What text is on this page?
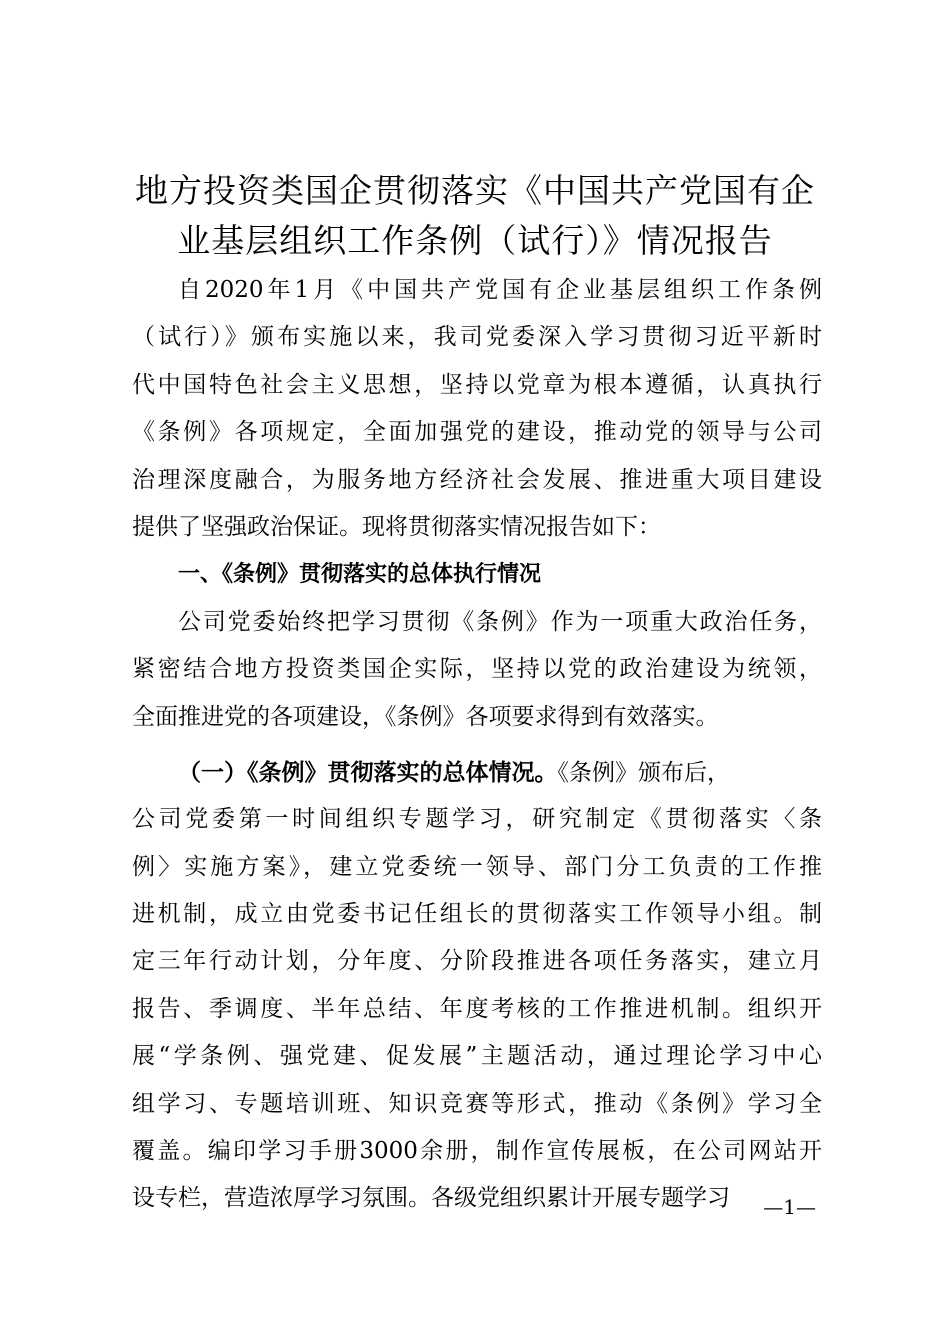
地方投资类国企贯彻落实《中国共产党国有企
业基层组织工作条例（试行）》情况报告
自2020年1月《中国共产党国有企业基层组织工作条例
（试行）》颁布实施以来，我司党委深入学习贯彻习近平新时
代中国特色社会主义思想，坚持以党章为根本遵循，认真执行
《条例》各项规定，全面加强党的建设，推动党的领导与公司
治理深度融合，为服务地方经济社会发展、推进重大项目建设
提供了坚强政治保证。现将贯彻落实情况报告如下：
一、《条例》贯彻落实的总体执行情况
公司党委始终把学习贯彻《条例》作为一项重大政治任务，
紧密结合地方投资类国企实际，坚持以党的政治建设为统领，
全面推进党的各项建设，《条例》各项要求得到有效落实。
（一）《条例》贯彻落实的总体情况。《条例》颁布后，
公司党委第一时间组织专题学习，研究制定《贯彻落实〈条
例〉实施方案》，建立党委统一领导、部门分工负责的工作推
进机制，成立由党委书记任组长的贯彻落实工作领导小组。制
定三年行动计划，分年度、分阶段推进各项任务落实，建立月
报告、季调度、半年总结、年度考核的工作推进机制。组织开
展“学条例、强党建、促发展”主题活动，通过理论学习中心
组学习、专题培训班、知识竞赛等形式，推动《条例》学习全
覆盖。编印学习手册3000余册，制作宣传展板，在公司网站开
设专栏，营造浓厚学习氛围。各级党组织累计开展专题学习	—1—
